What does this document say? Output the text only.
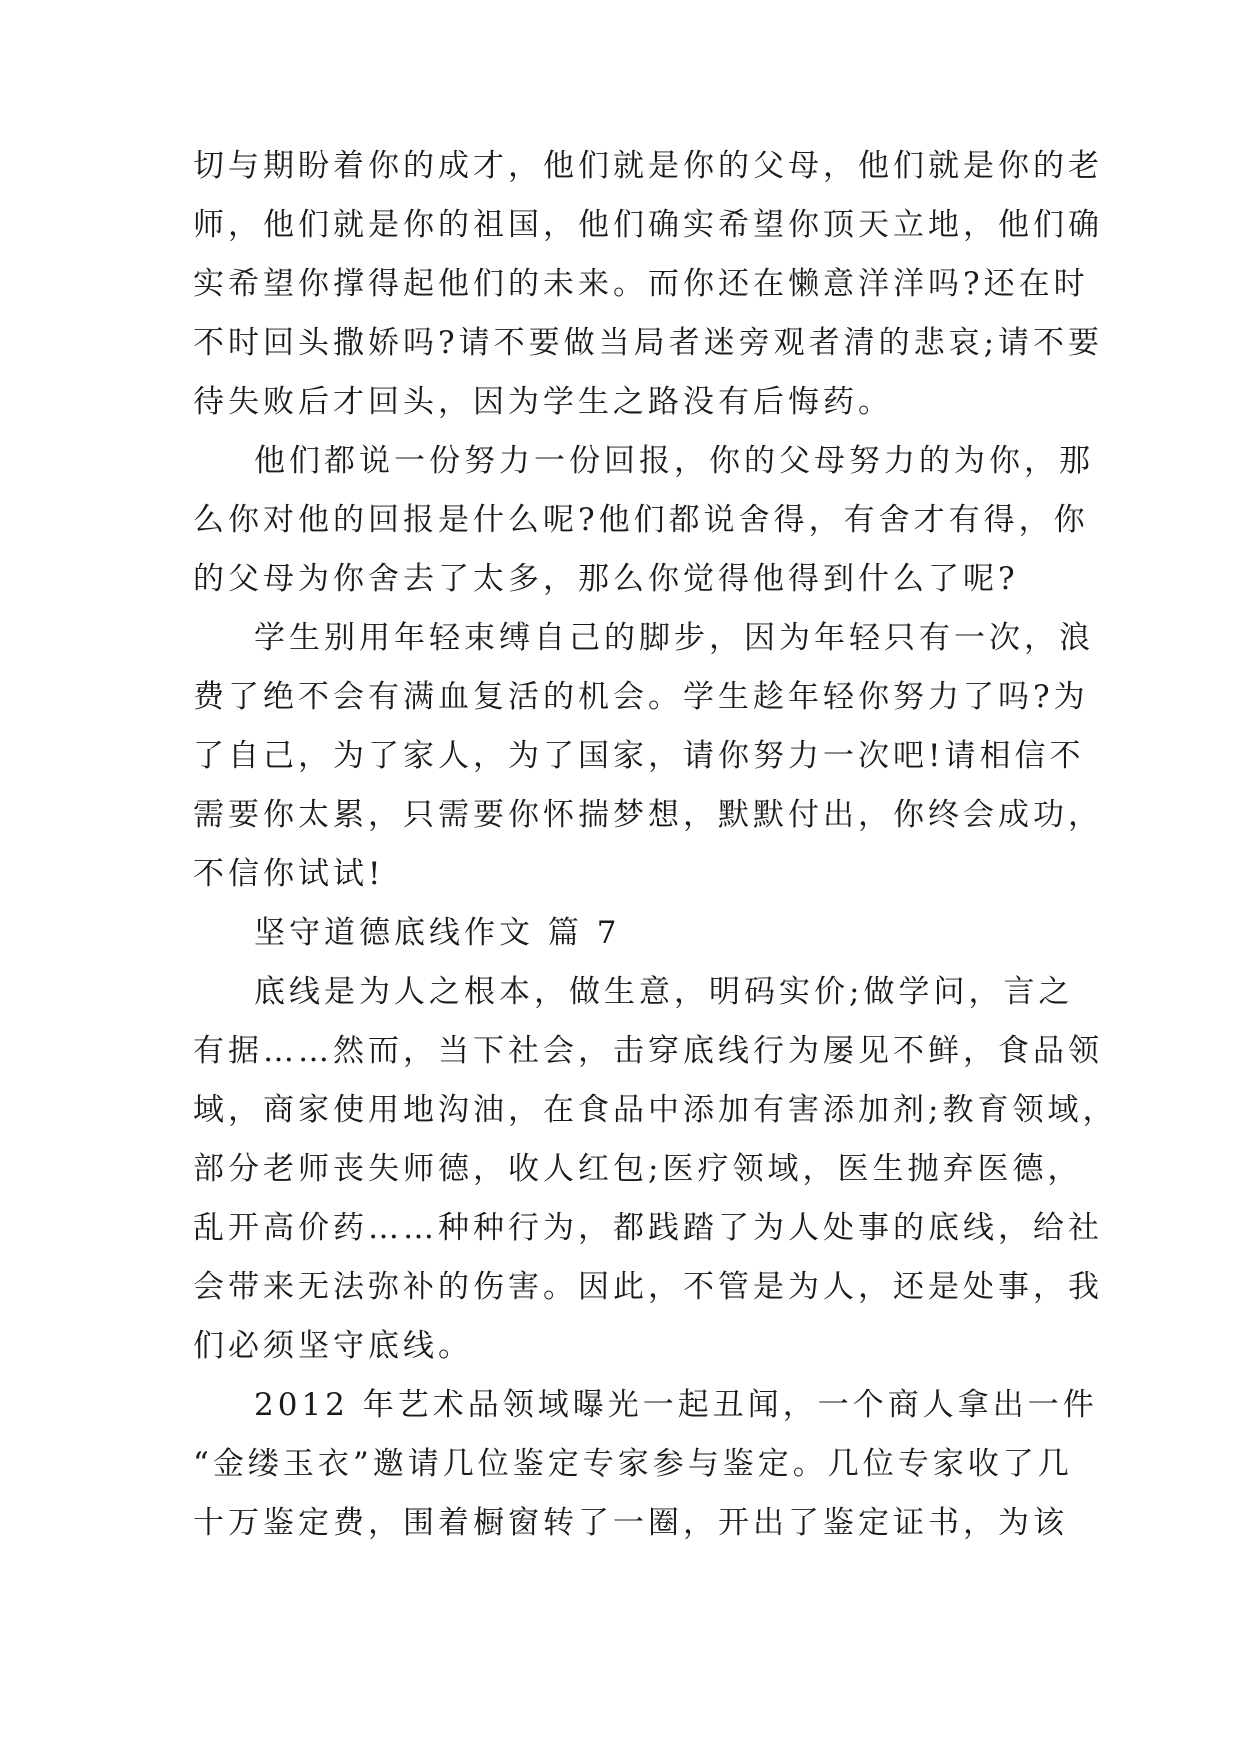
切与期盼着你的成才，他们就是你的父母，他们就是你的老
师，他们就是你的祖国，他们确实希望你顶天立地，他们确
实希望你撑得起他们的未来。而你还在懒意洋洋吗?还在时
不时回头撒娇吗?请不要做当局者迷旁观者清的悲哀;请不要
待失败后才回头，因为学生之路没有后悔药。
他们都说一份努力一份回报，你的父母努力的为你，那
么你对他的回报是什么呢?他们都说舍得，有舍才有得，你
的父母为你舍去了太多，那么你觉得他得到什么了呢?
学生别用年轻束缚自己的脚步，因为年轻只有一次，浪
费了绝不会有满血复活的机会。学生趁年轻你努力了吗?为
了自己，为了家人，为了国家，请你努力一次吧!请相信不
需要你太累，只需要你怀揣梦想，默默付出，你终会成功，
不信你试试!
坚守道德底线作文 篇 7
底线是为人之根本，做生意，明码实价;做学问，言之
有据……然而，当下社会，击穿底线行为屡见不鲜，食品领
域，商家使用地沟油，在食品中添加有害添加剂;教育领域，
部分老师丧失师德，收人红包;医疗领域，医生抛弃医德，
乱开高价药……种种行为，都践踏了为人处事的底线，给社
会带来无法弥补的伤害。因此，不管是为人，还是处事，我
们必须坚守底线。
2012 年艺术品领域曝光一起丑闻，一个商人拿出一件
“金缕玉衣”邀请几位鉴定专家参与鉴定。几位专家收了几
十万鉴定费，围着橱窗转了一圈，开出了鉴定证书，为该
